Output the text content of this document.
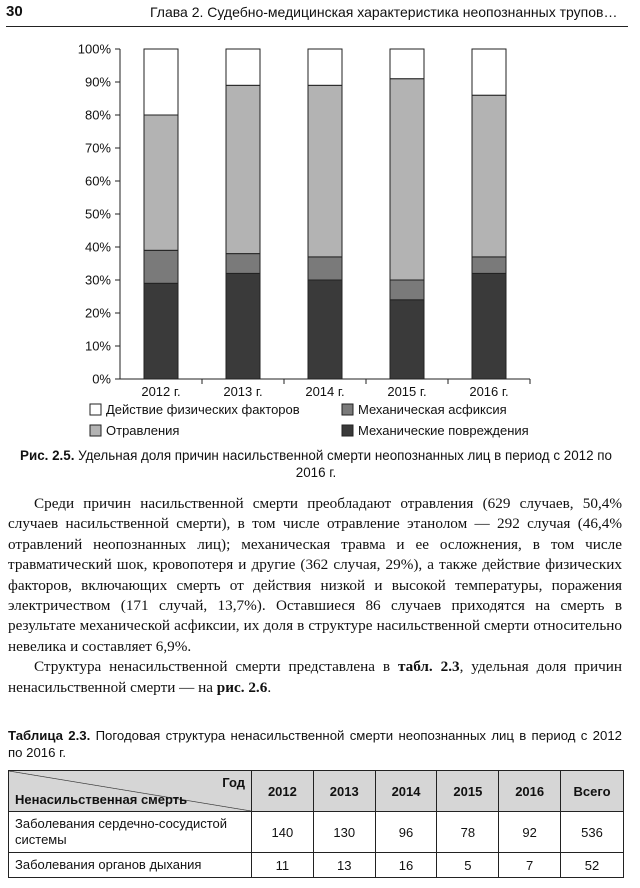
30	Глава 2. Судебно-медицинская характеристика неопознанных трупов…
0%
10%
20%
30%
40%
50%
60%
70%
80%
90%
100%
2012 г.	2013 г.	2014 г.	2015 г.	2016 г.
Действие физических факторов	Механическая асфиксия
Отравления	Механические повреждения
Рис. 2.5. Удельная доля причин насильственной смерти неопознанных лиц в период с 2012 по 2016 г.

Среди причин насильственной смерти преобладают отравления (629 случаев, 50,4% случаев насильственной смерти), в том числе отравление этанолом — 292 случая (46,4% отравлений неопознанных лиц); механическая травма и ее осложнения, в том числе травматический шок, кровопотеря и другие (362 случая, 29%), а также действие физических факторов, включающих смерть от действия низкой и высокой температуры, поражения электричеством (171 случай, 13,7%). Оставшиеся 86 случаев приходятся на смерть в результате механической асфиксии, их доля в структуре насильственной смерти относительно невелика и составляет 6,9%.

Структура ненасильственной смерти представлена в табл. 2.3, удельная доля причин ненасильственной смерти — на рис. 2.6.

Таблица 2.3. Погодовая структура ненасильственной смерти неопознанных лиц в период с 2012 по 2016 г.
Год
Ненасильственная смерть	2012	2013	2014	2015	2016	Всего
Заболевания сердечно-сосудистой системы	140	130	96	78	92	536
Заболевания органов дыхания	11	13	16	5	7	52
